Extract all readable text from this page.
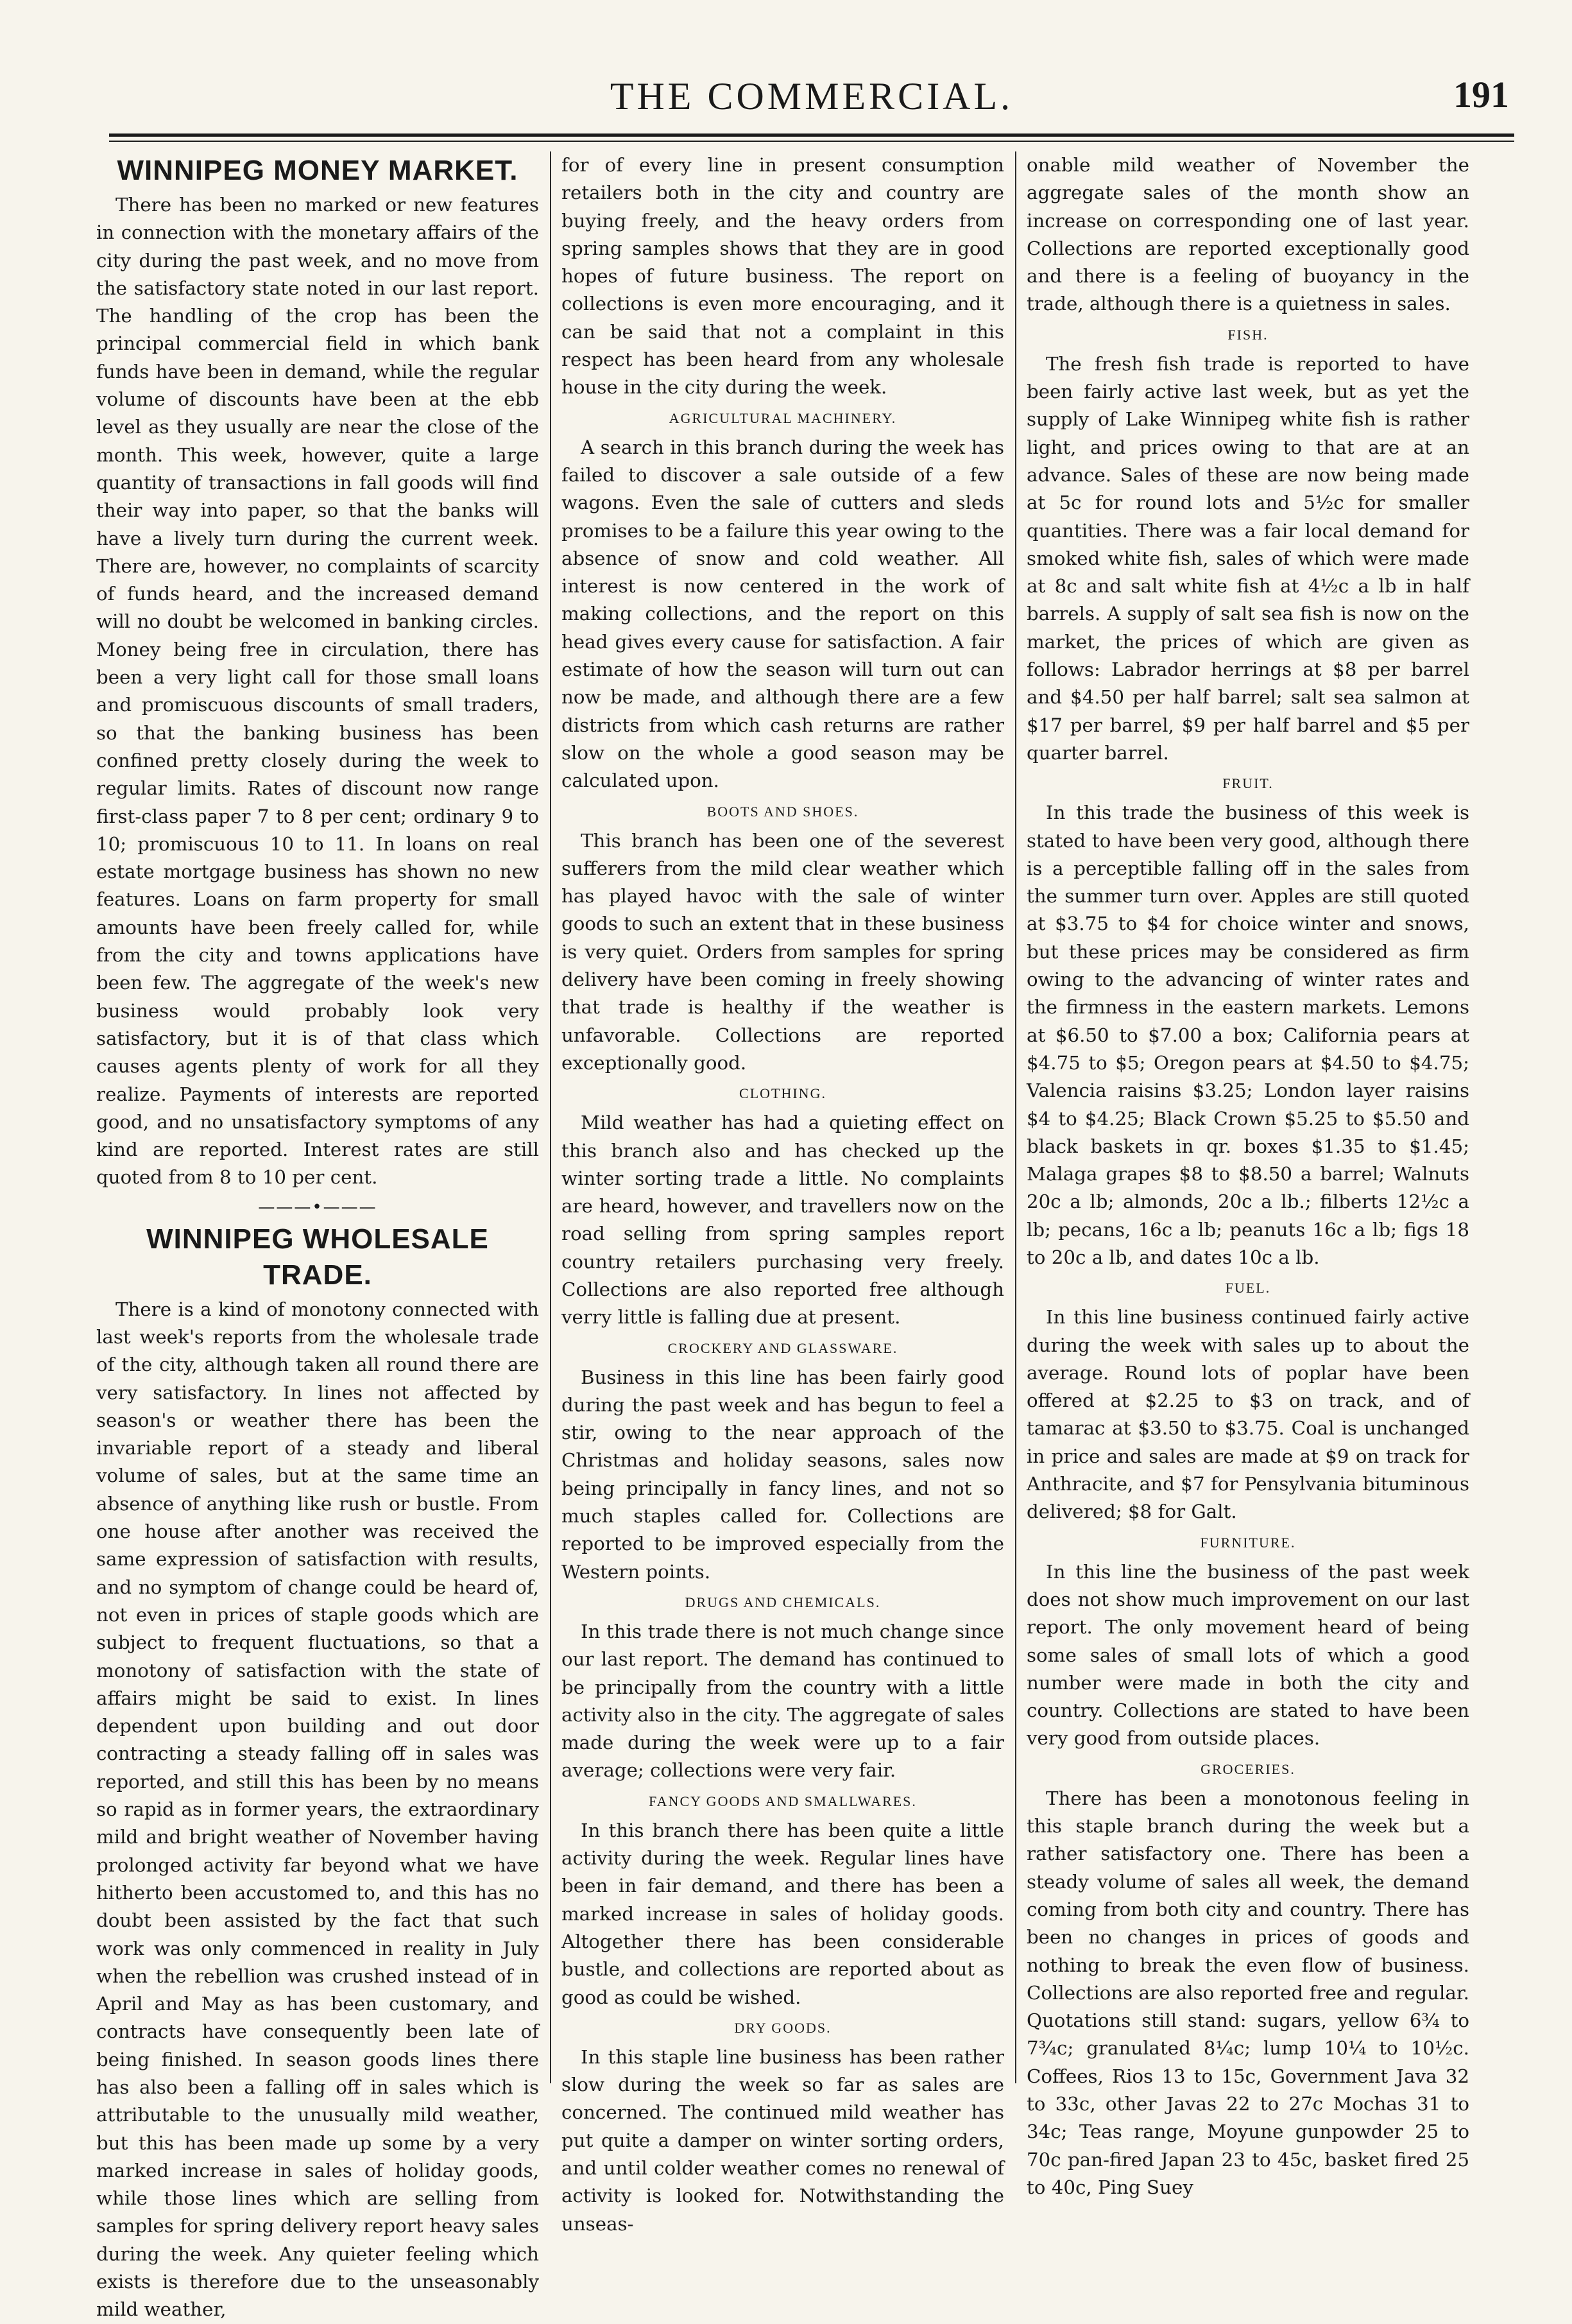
THE COMMERCIAL.	191
WINNIPEG MONEY MARKET.

There has been no marked or new features in connection with the monetary affairs of the city during the past week, and no move from the satisfactory state noted in our last report. The handling of the crop has been the principal commercial field in which bank funds have been in demand, while the regular volume of discounts have been at the ebb level as they usually are near the close of the month. This week, however, quite a large quantity of transactions in fall goods will find their way into paper, so that the banks will have a lively turn during the current week. There are, however, no complaints of scarcity of funds heard, and the increased demand will no doubt be welcomed in banking circles. Money being free in circulation, there has been a very light call for those small loans and promiscuous discounts of small traders, so that the banking business has been confined pretty closely during the week to regular limits. Rates of discount now range first-class paper 7 to 8 per cent; ordinary 9 to 10; promiscuous 10 to 11. In loans on real estate mortgage business has shown no new features. Loans on farm property for small amounts have been freely called for, while from the city and towns applications have been few. The aggregate of the week's new business would probably look very satisfactory, but it is of that class which causes agents plenty of work for all they realize. Payments of interests are reported good, and no unsatisfactory symptoms of any kind are reported. Interest rates are still quoted from 8 to 10 per cent.

———•———
WINNIPEG WHOLESALE TRADE.

There is a kind of monotony connected with last week's reports from the wholesale trade of the city, although taken all round there are very satisfactory. In lines not affected by season's or weather there has been the invariable report of a steady and liberal volume of sales, but at the same time an absence of anything like rush or bustle. From one house after another was received the same expression of satisfaction with results, and no symptom of change could be heard of, not even in prices of staple goods which are subject to frequent fluctuations, so that a monotony of satisfaction with the state of affairs might be said to exist. In lines dependent upon building and out door contracting a steady falling off in sales was reported, and still this has been by no means so rapid as in former years, the extraordinary mild and bright weather of November having prolonged activity far beyond what we have hitherto been accustomed to, and this has no doubt been assisted by the fact that such work was only commenced in reality in July when the rebellion was crushed instead of in April and May as has been customary, and contracts have consequently been late of being finished. In season goods lines there has also been a falling off in sales which is attributable to the unusually mild weather, but this has been made up some by a very marked increase in sales of holiday goods, while those lines which are selling from samples for spring delivery report heavy sales during the week. Any quieter feeling which exists is therefore due to the unseasonably mild weather,

for of every line in present consumption retailers both in the city and country are buying freely, and the heavy orders from spring samples shows that they are in good hopes of future business. The report on collections is even more encouraging, and it can be said that not a complaint in this respect has been heard from any wholesale house in the city during the week.

AGRICULTURAL MACHINERY.

A search in this branch during the week has failed to discover a sale outside of a few wagons. Even the sale of cutters and sleds promises to be a failure this year owing to the absence of snow and cold weather. All interest is now centered in the work of making collections, and the report on this head gives every cause for satisfaction. A fair estimate of how the season will turn out can now be made, and although there are a few districts from which cash returns are rather slow on the whole a good season may be calculated upon.

BOOTS AND SHOES.

This branch has been one of the severest sufferers from the mild clear weather which has played havoc with the sale of winter goods to such an extent that in these business is very quiet. Orders from samples for spring delivery have been coming in freely showing that trade is healthy if the weather is unfavorable. Collections are reported exceptionally good.

CLOTHING.

Mild weather has had a quieting effect on this branch also and has checked up the winter sorting trade a little. No complaints are heard, however, and travellers now on the road selling from spring samples report country retailers purchasing very freely. Collections are also reported free although verry little is falling due at present.

CROCKERY AND GLASSWARE.

Business in this line has been fairly good during the past week and has begun to feel a stir, owing to the near approach of the Christmas and holiday seasons, sales now being principally in fancy lines, and not so much staples called for. Collections are reported to be improved especially from the Western points.

DRUGS AND CHEMICALS.

In this trade there is not much change since our last report. The demand has continued to be principally from the country with a little activity also in the city. The aggregate of sales made during the week were up to a fair average; collections were very fair.

FANCY GOODS AND SMALLWARES.

In this branch there has been quite a little activity during the week. Regular lines have been in fair demand, and there has been a marked increase in sales of holiday goods. Altogether there has been considerable bustle, and collections are reported about as good as could be wished.

DRY GOODS.

In this staple line business has been rather slow during the week so far as sales are concerned. The continued mild weather has put quite a damper on winter sorting orders, and until colder weather comes no renewal of activity is looked for. Notwithstanding the unseas-

onable mild weather of November the aggregate sales of the month show an increase on corresponding one of last year. Collections are reported exceptionally good and there is a feeling of buoyancy in the trade, although there is a quietness in sales.

FISH.

The fresh fish trade is reported to have been fairly active last week, but as yet the supply of Lake Winnipeg white fish is rather light, and prices owing to that are at an advance. Sales of these are now being made at 5c for round lots and 5½c for smaller quantities. There was a fair local demand for smoked white fish, sales of which were made at 8c and salt white fish at 4½c a lb in half barrels. A supply of salt sea fish is now on the market, the prices of which are given as follows: Labrador herrings at $8 per barrel and $4.50 per half barrel; salt sea salmon at $17 per barrel, $9 per half barrel and $5 per quarter barrel.

FRUIT.

In this trade the business of this week is stated to have been very good, although there is a perceptible falling off in the sales from the summer turn over. Apples are still quoted at $3.75 to $4 for choice winter and snows, but these prices may be considered as firm owing to the advancing of winter rates and the firmness in the eastern markets. Lemons at $6.50 to $7.00 a box; California pears at $4.75 to $5; Oregon pears at $4.50 to $4.75; Valencia raisins $3.25; London layer raisins $4 to $4.25; Black Crown $5.25 to $5.50 and black baskets in qr. boxes $1.35 to $1.45; Malaga grapes $8 to $8.50 a barrel; Walnuts 20c a lb; almonds, 20c a lb.; filberts 12½c a lb; pecans, 16c a lb; peanuts 16c a lb; figs 18 to 20c a lb, and dates 10c a lb.

FUEL.

In this line business continued fairly active during the week with sales up to about the average. Round lots of poplar have been offered at $2.25 to $3 on track, and of tamarac at $3.50 to $3.75. Coal is unchanged in price and sales are made at $9 on track for Anthracite, and $7 for Pensylvania bituminous delivered; $8 for Galt.

FURNITURE.

In this line the business of the past week does not show much improvement on our last report. The only movement heard of being some sales of small lots of which a good number were made in both the city and country. Collections are stated to have been very good from outside places.

GROCERIES.

There has been a monotonous feeling in this staple branch during the week but a rather satisfactory one. There has been a steady volume of sales all week, the demand coming from both city and country. There has been no changes in prices of goods and nothing to break the even flow of business. Collections are also reported free and regular. Quotations still stand: sugars, yellow 6¾ to 7¾c; granulated 8¼c; lump 10¼ to 10½c. Coffees, Rios 13 to 15c, Government Java 32 to 33c, other Javas 22 to 27c Mochas 31 to 34c; Teas range, Moyune gunpowder 25 to 70c pan-fired Japan 23 to 45c, basket fired 25 to 40c, Ping Suey
